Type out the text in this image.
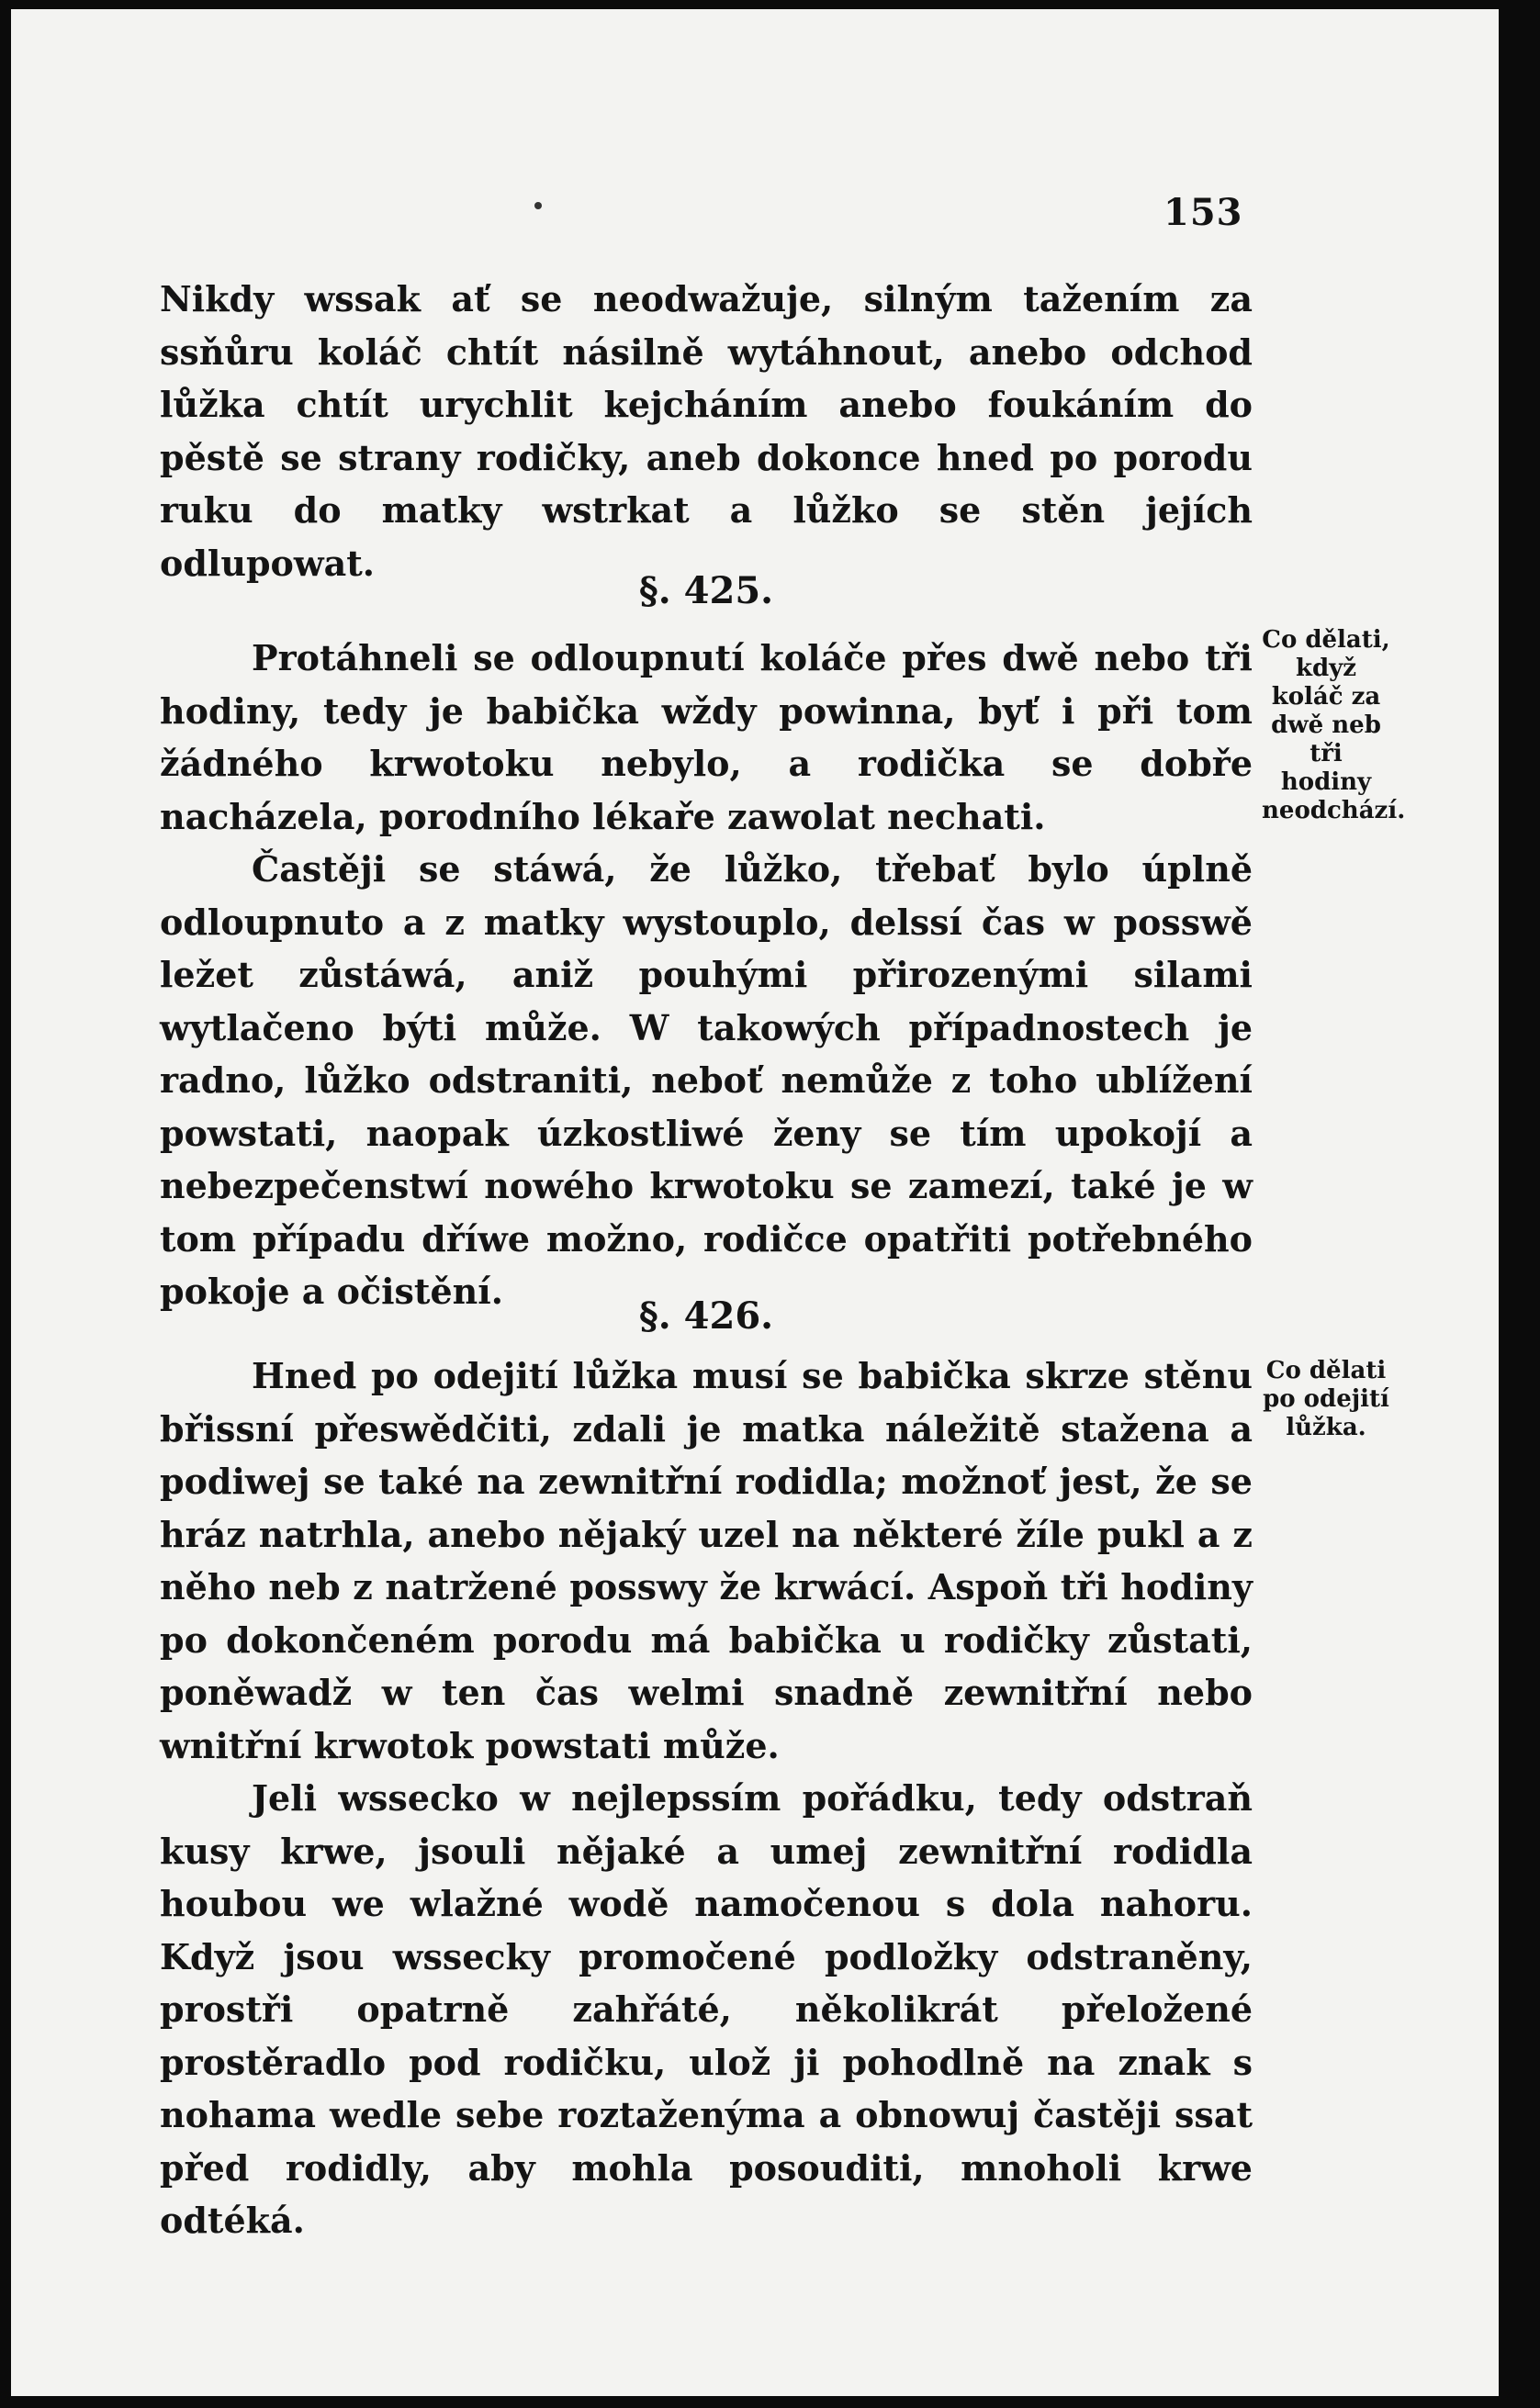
153

Nikdy wssak ať se neodwažuje, silným tažením za ssňůru koláč chtít násilně wytáhnout, anebo odchod lůžka chtít urychlit kejcháním anebo foukáním do pěstě se strany rodičky, aneb dokonce hned po porodu ruku do matky wstrkat a lůžko se stěn jejích odlupowat.

§. 425.

Protáhneli se odloupnutí koláče přes dwě nebo tři hodiny, tedy je babička wždy powinna, byť i při tom žádného krwotoku nebylo, a rodička se dobře nacházela, porodního lékaře zawolat nechati.

Častěji se stáwá, že lůžko, třebať bylo úplně odloupnuto a z matky wystouplo, delssí čas w posswě ležet zůstáwá, aniž pouhými přirozenými silami wytlačeno býti může. W takowých případnostech je radno, lůžko odstraniti, neboť nemůže z toho ublížení powstati, naopak úzkostliwé ženy se tím upokojí a nebezpečenstwí nowého krwotoku se zamezí, také je w tom případu dříwe možno, rodičce opatřiti potřebného pokoje a očistění.

Co dělati, když koláč za dwě neb tři hodiny neodchází.
§. 426.

Hned po odejití lůžka musí se babička skrze stěnu břissní přeswědčiti, zdali je matka náležitě stažena a podiwej se také na zewnitřní rodidla; možnoť jest, že se hráz natrhla, anebo nějaký uzel na některé žíle pukl a z něho neb z natržené posswy že krwácí. Aspoň tři hodiny po dokončeném porodu má babička u rodičky zůstati, poněwadž w ten čas welmi snadně zewnitřní nebo wnitřní krwotok powstati může.

Jeli wssecko w nejlepssím pořádku, tedy odstraň kusy krwe, jsouli nějaké a umej zewnitřní rodidla houbou we wlažné wodě namočenou s dola nahoru. Když jsou wssecky promočené podložky odstraněny, prostři opatrně zahřáté, několikrát přeložené prostěradlo pod rodičku, ulož ji pohodlně na znak s nohama wedle sebe roztaženýma a obnowuj častěji ssat před rodidly, aby mohla posouditi, mnoholi krwe odtéká.

Co dělati po odejití lůžka.
